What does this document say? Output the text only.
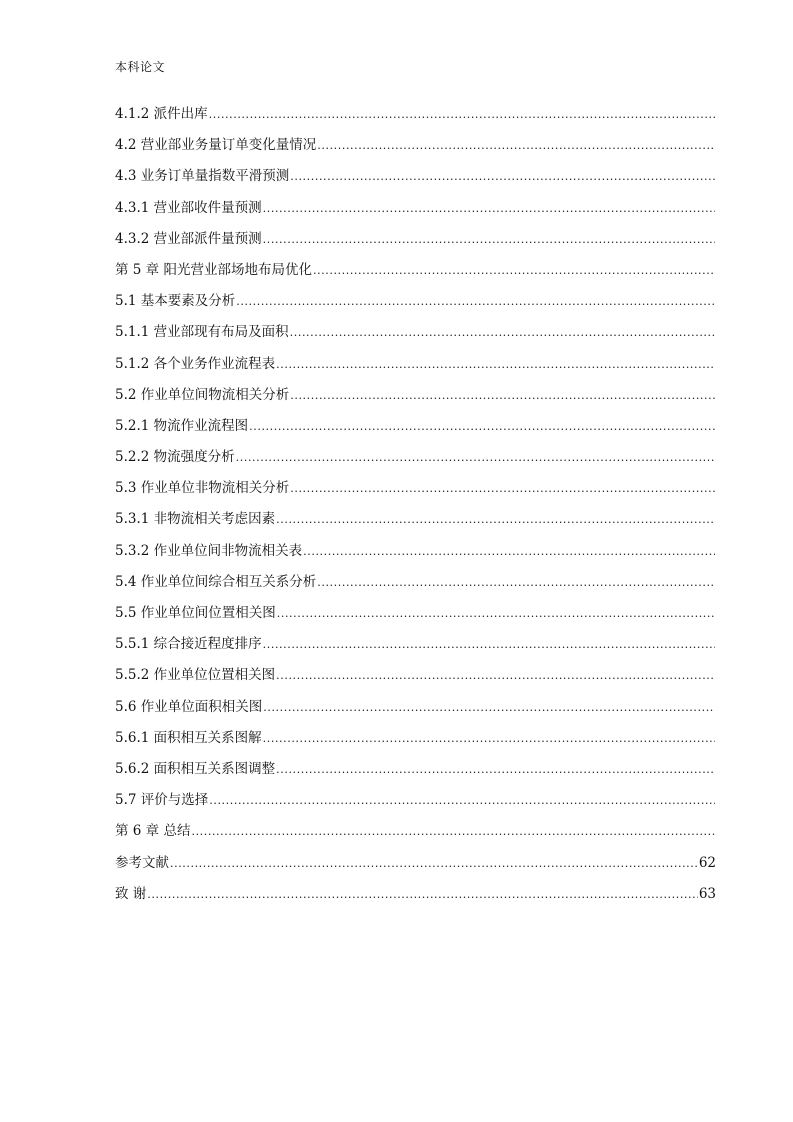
本科论文
4.1.2 派件出库
.....
4.2 营业部业务量订单变化量情况
.....
4.3 业务订单量指数平滑预测
.....
4.3.1 营业部收件量预测
.....
4.3.2 营业部派件量预测
.....
第 5 章 阳光营业部场地布局优化
.....
5.1 基本要素及分析
.....
5.1.1 营业部现有布局及面积
.....
5.1.2 各个业务作业流程表
.....
5.2 作业单位间物流相关分析
.....
5.2.1 物流作业流程图
.....
5.2.2 物流强度分析
.....
5.3 作业单位非物流相关分析
.....
5.3.1 非物流相关考虑因素
.....
5.3.2 作业单位间非物流相关表
.....
5.4 作业单位间综合相互关系分析
.....
5.5 作业单位间位置相关图
.....
5.5.1 综合接近程度排序
.....
5.5.2 作业单位位置相关图
.....
5.6 作业单位面积相关图
.....
5.6.1 面积相互关系图解
.....
5.6.2 面积相互关系图调整
.....
5.7 评价与选择
.....
第 6 章 总结
.....
参考文献 .....	62
致 谢 .....	63
